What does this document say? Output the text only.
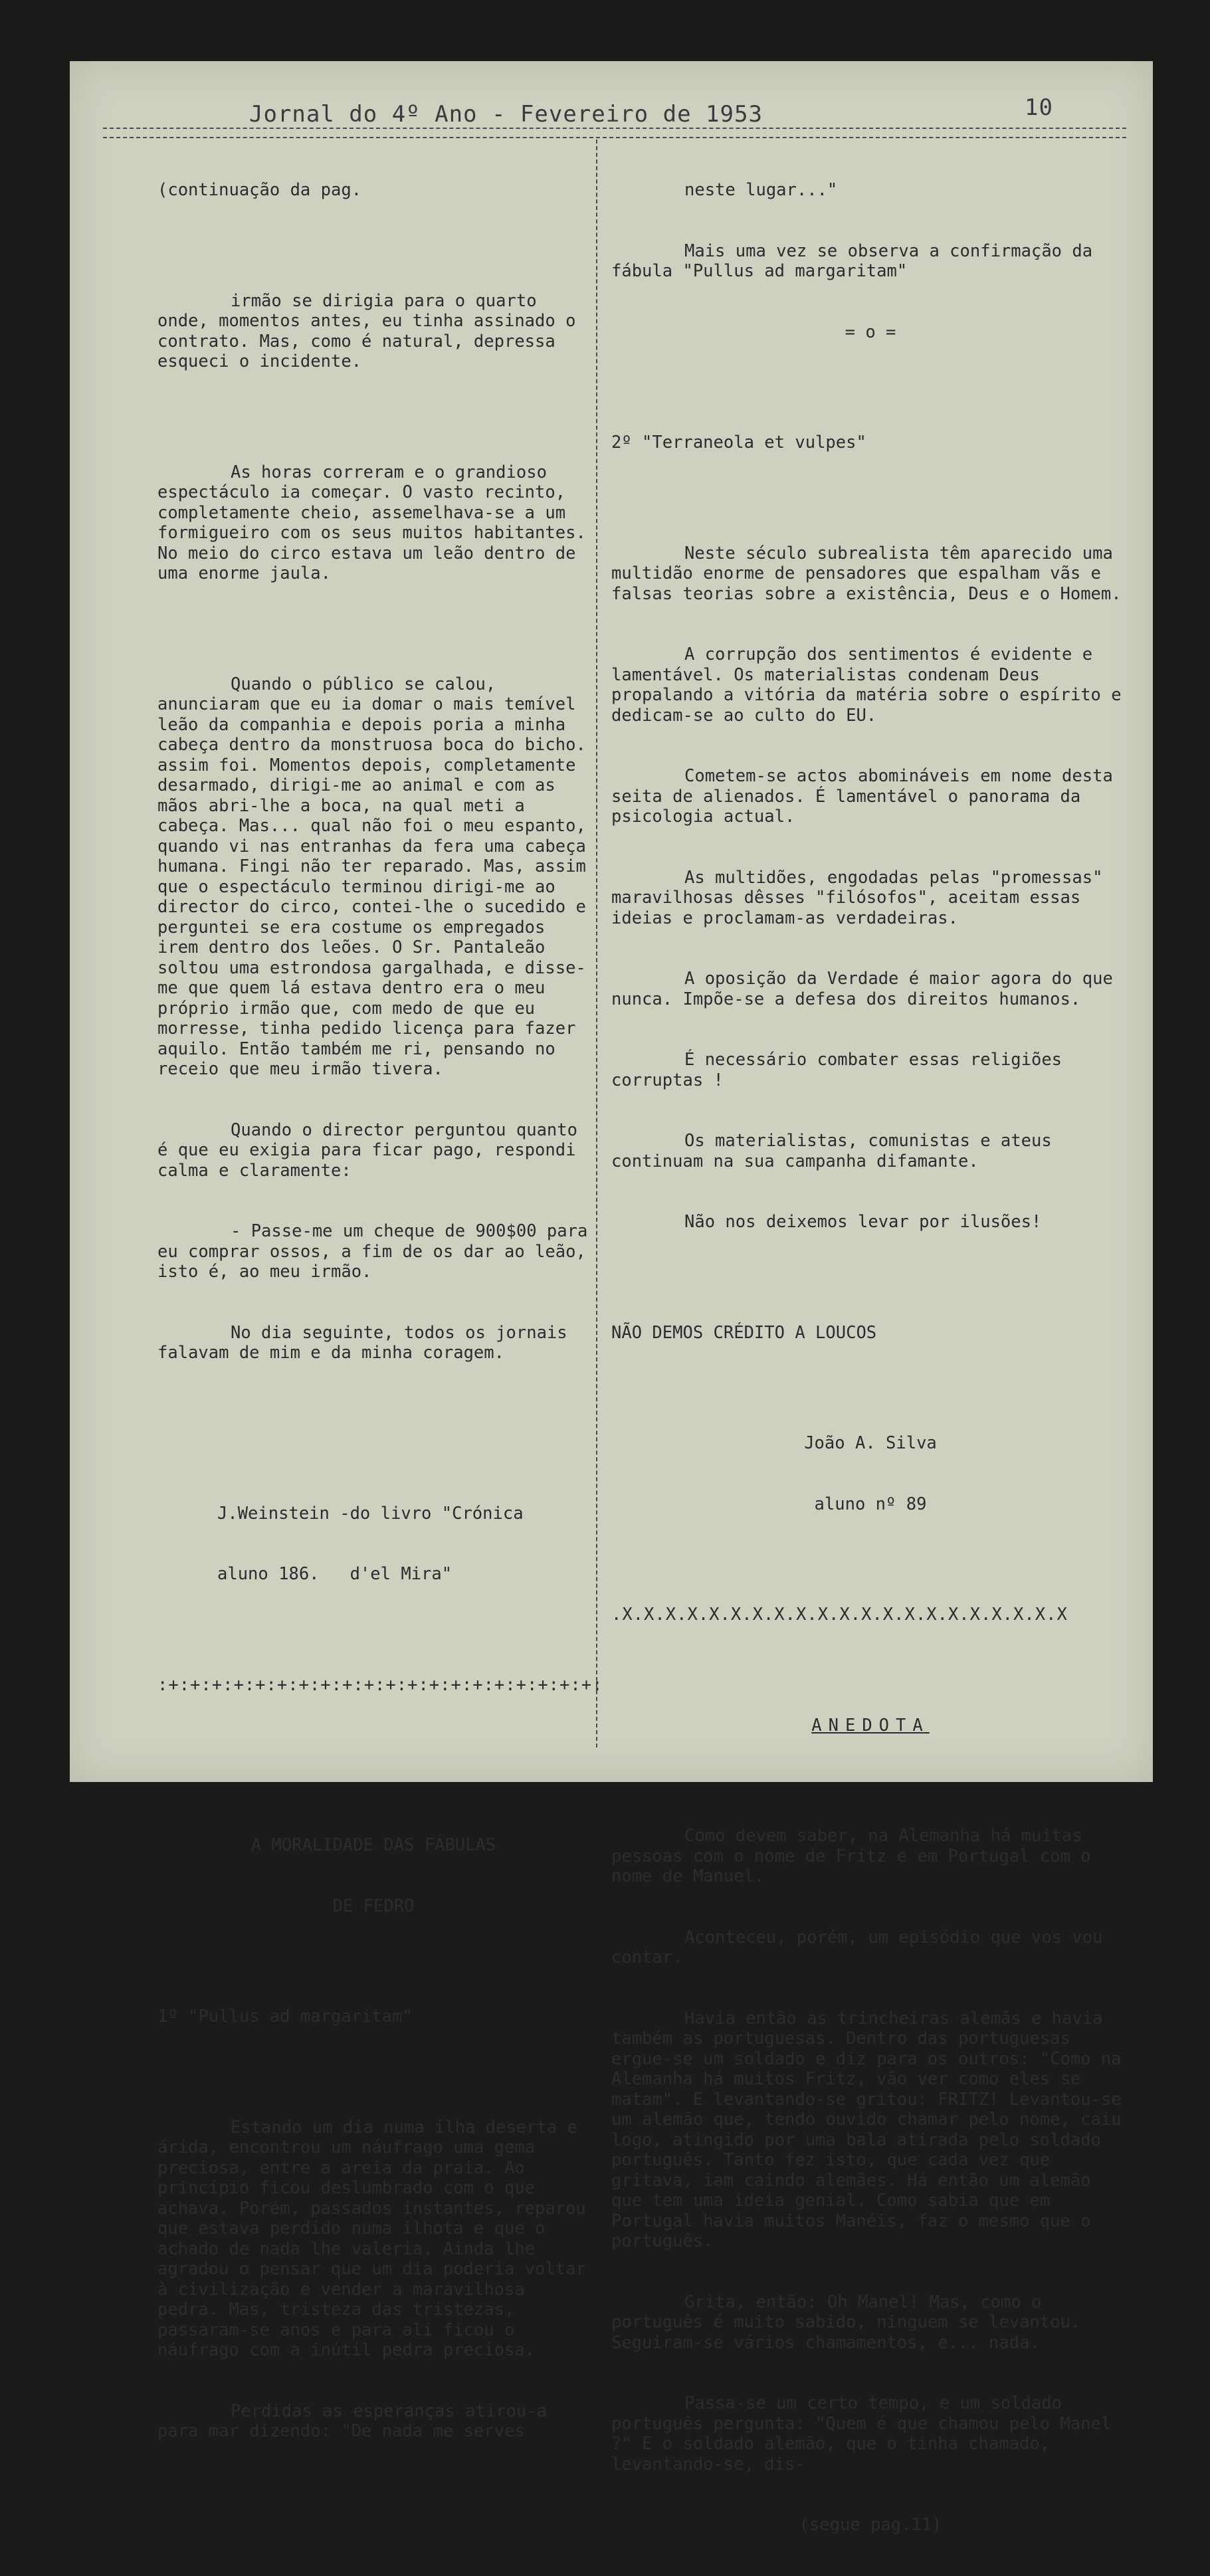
Jornal do 4º Ano - Fevereiro de 1953	10

(continuação da pag.

irmão se dirigia para o quarto onde, momentos antes, eu tinha assinado o contrato. Mas, como é natural, depressa esqueci o incidente.

As horas correram e o grandioso espectáculo ia começar. O vasto recinto, completamente cheio, assemelhava-se a um formigueiro com os seus muitos habitantes. No meio do circo estava um leão dentro de uma enorme jaula.

Quando o público se calou, anunciaram que eu ia domar o mais temível leão da companhia e depois poria a minha cabeça dentro da monstruosa boca do bicho. assim foi. Momentos depois, completamente desarmado, dirigi-me ao animal e com as mãos abri-lhe a boca, na qual meti a cabeça. Mas... qual não foi o meu espanto, quando vi nas entranhas da fera uma cabeça humana. Fingi não ter reparado. Mas, assim que o espectáculo terminou dirigi-me ao director do circo, contei-lhe o sucedido e perguntei se era costume os empregados irem dentro dos leões. O Sr. Pantaleão soltou uma estrondosa gargalhada, e disse-me que quem lá estava dentro era o meu próprio irmão que, com medo de que eu morresse, tinha pedido licença para fazer aquilo. Então também me ri, pensando no receio que meu irmão tivera.

Quando o director perguntou quanto é que eu exigia para ficar pago, respondi calma e claramente:

- Passe-me um cheque de 900$00 para eu comprar ossos, a fim de os dar ao leão, isto é, ao meu irmão.

No dia seguinte, todos os jornais falavam de mim e da minha coragem.

J.Weinstein -do livro "Crónica

aluno 186.   d'el Mira"

:+:+:+:+:+:+:+:+:+:+:+:+:+:+:+:+:+:+:+:+:

A MORALIDADE DAS FÁBULAS

DE FEDRO

1º "Pullus ad margaritam"

Estando um dia numa ilha deserta e árida, encontrou um náufrago uma gema preciosa, entre a areia da praia. Ao princípio ficou deslumbrado com o que achava. Porém, passados instantes, reparou que estava perdido numa ilhota e que o achado de nada lhe valeria. Ainda lhe agradou o pensar que um dia poderia voltar à civilização e vender a maravilhosa pedra. Mas, tristeza das tristezas, passaram-se anos e para ali ficou o náufrago com a inútil pedra preciosa.

Perdidas as esperanças atirou-a para mar dizendo: "De nada me serves

neste lugar..."

Mais uma vez se observa a confirmação da fábula "Pullus ad margaritam"

= o =

2º "Terraneola et vulpes"

Neste século subrealista têm aparecido uma multidão enorme de pensadores que espalham vãs e falsas teorias sobre a existência, Deus e o Homem.

A corrupção dos sentimentos é evidente e lamentável. Os materialistas condenam Deus propalando a vitória da matéria sobre o espírito e dedicam-se ao culto do EU.

Cometem-se actos abomináveis em nome desta seita de alienados. É lamentável o panorama da psicologia actual.

As multidões, engodadas pelas "promessas" maravilhosas dêsses "filósofos", aceitam essas ideias e proclamam-as verdadeiras.

A oposição da Verdade é maior agora do que nunca. Impõe-se a defesa dos direitos humanos.

É necessário combater essas religiões corruptas !

Os materialistas, comunistas e ateus continuam na sua campanha difamante.

Não nos deixemos levar por ilusões!

NÃO DEMOS CRÉDITO A LOUCOS

João A. Silva

aluno nº 89

.X.X.X.X.X.X.X.X.X.X.X.X.X.X.X.X.X.X.X.X.X

ANEDOTA

Como devem saber, na Alemanha há muitas pessoas com o nome de Fritz e em Portugal com o nome de Manuel.

Aconteceu, porém, um episódio que vos vou contar.

Havia então as trincheiras alemãs e havia também as portuguesas. Dentro das portuguesas ergue-se um soldado e diz para os outros: "Como na Alemanha há muitos Fritz, vão ver como eles se matam". E levantando-se gritou: FRITZ! Levantou-se um alemão que, tendo ouvido chamar pelo nome, caiu logo, atingido por uma bala atirada pelo soldado português. Tanto fez isto, que cada vez que gritava, iam caindo alemães. Há então um alemão que tem uma ideia genial. Como sabia que em Portugal havia muitos Manéis, faz o mesmo que o português.

Grita, então: Oh Manel! Mas, como o português é muito sabido, ninguem se levantou. Seguiram-se vários chamamentos, e... nada.

Passa-se um certo tempo, e um soldado português pergunta: "Quem é que chamou pelo Manel ?" E o soldado alemão, que o tinha chamado, levantando-se, dis-

(segue pag.11)
